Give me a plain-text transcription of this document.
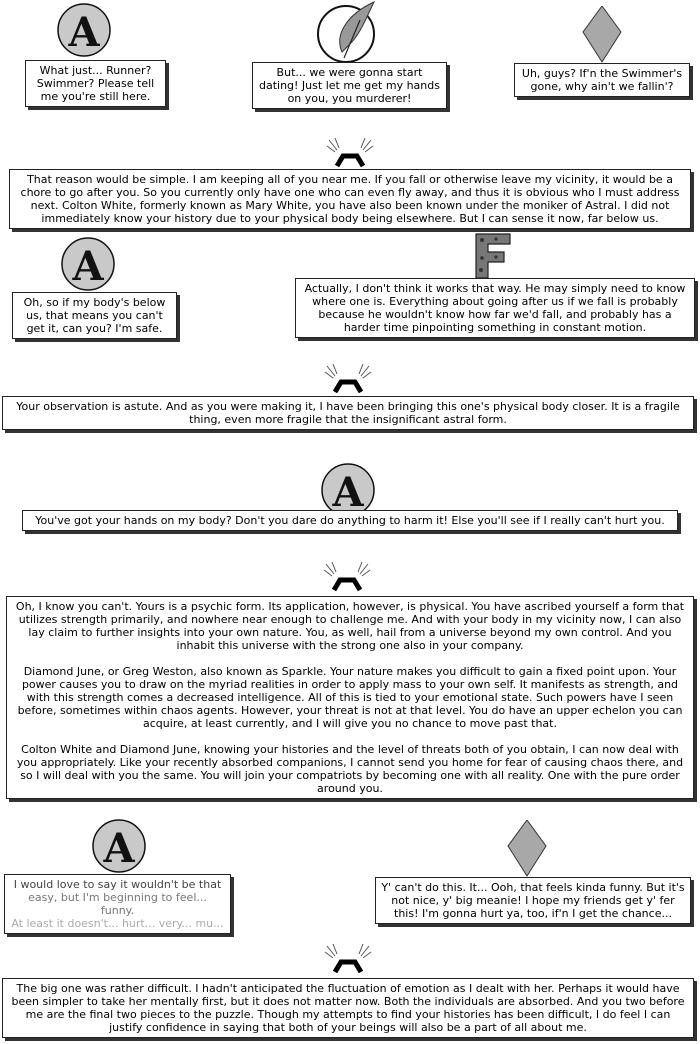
What just... Runner? Swimmer? Please tell me you're still here.

But... we were gonna start dating! Just let me get my hands on you, you murderer!

Uh, guys? If'n the Swimmer's gone, why ain't we fallin'?

That reason would be simple. I am keeping all of you near me. If you fall or otherwise leave my vicinity, it would be a chore to go after you. So you currently only have one who can even fly away, and thus it is obvious who I must address next. Colton White, formerly known as Mary White, you have also been known under the moniker of Astral. I did not immediately know your history due to your physical body being elsewhere. But I can sense it now, far below us.

Oh, so if my body's below us, that means you can't get it, can you? I'm safe.

Actually, I don't think it works that way. He may simply need to know where one is. Everything about going after us if we fall is probably because he wouldn't know how far we'd fall, and probably has a harder time pinpointing something in constant motion.

Your observation is astute. And as you were making it, I have been bringing this one's physical body closer. It is a fragile thing, even more fragile that the insignificant astral form.

You've got your hands on my body? Don't you dare do anything to harm it! Else you'll see if I really can't hurt you.

Oh, I know you can't. Yours is a psychic form. Its application, however, is physical. You have ascribed yourself a form that utilizes strength primarily, and nowhere near enough to challenge me. And with your body in my vicinity now, I can also lay claim to further insights into your own nature. You, as well, hail from a universe beyond my own control. And you inhabit this universe with the strong one also in your company.

Diamond June, or Greg Weston, also known as Sparkle. Your nature makes you difficult to gain a fixed point upon. Your power causes you to draw on the myriad realities in order to apply mass to your own self. It manifests as strength, and with this strength comes a decreased intelligence. All of this is tied to your emotional state. Such powers have I seen before, sometimes within chaos agents. However, your threat is not at that level. You do have an upper echelon you can acquire, at least currently, and I will give you no chance to move past that.

Colton White and Diamond June, knowing your histories and the level of threats both of you obtain, I can now deal with you appropriately. Like your recently absorbed companions, I cannot send you home for fear of causing chaos there, and so I will deal with you the same. You will join your compatriots by becoming one with all reality. One with the pure order around you.

I would love to say it wouldn't be that

easy, but I'm beginning to feel... funny.

At least it doesn't... hurt... very... mu...

Y' can't do this. It... Ooh, that feels kinda funny. But it's not nice, y' big meanie! I hope my friends get y' fer this! I'm gonna hurt ya, too, if'n I get the chance...

The big one was rather difficult. I hadn't anticipated the fluctuation of emotion as I dealt with her. Perhaps it would have been simpler to take her mentally first, but it does not matter now. Both the individuals are absorbed. And you two before me are the final two pieces to the puzzle. Though my attempts to find your histories has been difficult, I do feel I can justify confidence in saying that both of your beings will also be a part of all about me.
